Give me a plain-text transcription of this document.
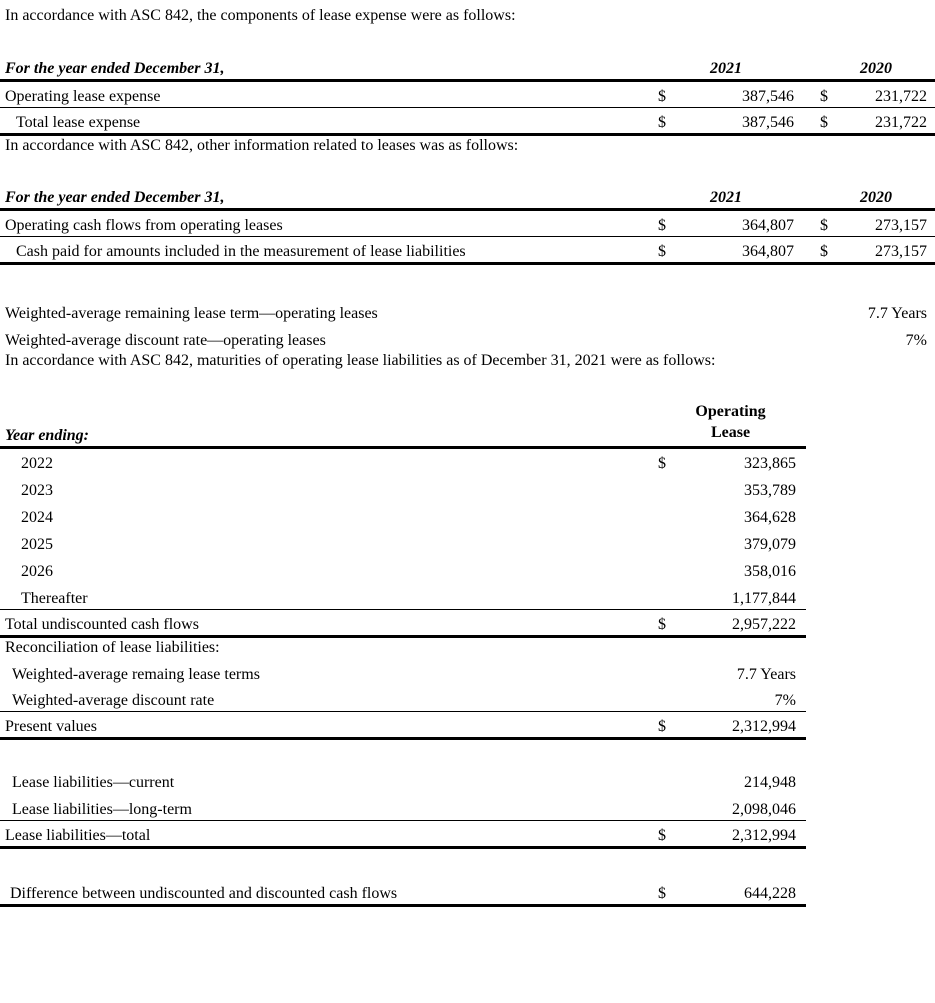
In accordance with ASC 842, the components of lease expense were as follows:

For the year ended December 31,	2021			2020	
Operating lease expense	$	387,546		$	231,722
Total lease expense	$	387,546		$	231,722

In accordance with ASC 842, other information related to leases was as follows:

For the year ended December 31,	2021			2020	
Operating cash flows from operating leases	$	364,807		$	273,157
Cash paid for amounts included in the measurement of lease liabilities	$	364,807		$	273,157
Weighted-average remaining lease term—operating leases	7.7 Years
Weighted-average discount rate—operating leases	7%

In accordance with ASC 842, maturities of operating lease liabilities as of December 31, 2021 were as follows:

Year ending:	Operating
Lease	

2022	$	323,865
2023		353,789
2024		364,628
2025		379,079
2026		358,016
Thereafter		1,177,844
Total undiscounted cash flows	$	2,957,222

Reconciliation of lease liabilities:

Weighted-average remaing lease terms		7.7 Years
Weighted-average discount rate		7%
Present values	$	2,312,994
Lease liabilities—current		214,948
Lease liabilities—long-term		2,098,046
Lease liabilities—total	$	2,312,994
Difference between undiscounted and discounted cash flows	$	644,228
